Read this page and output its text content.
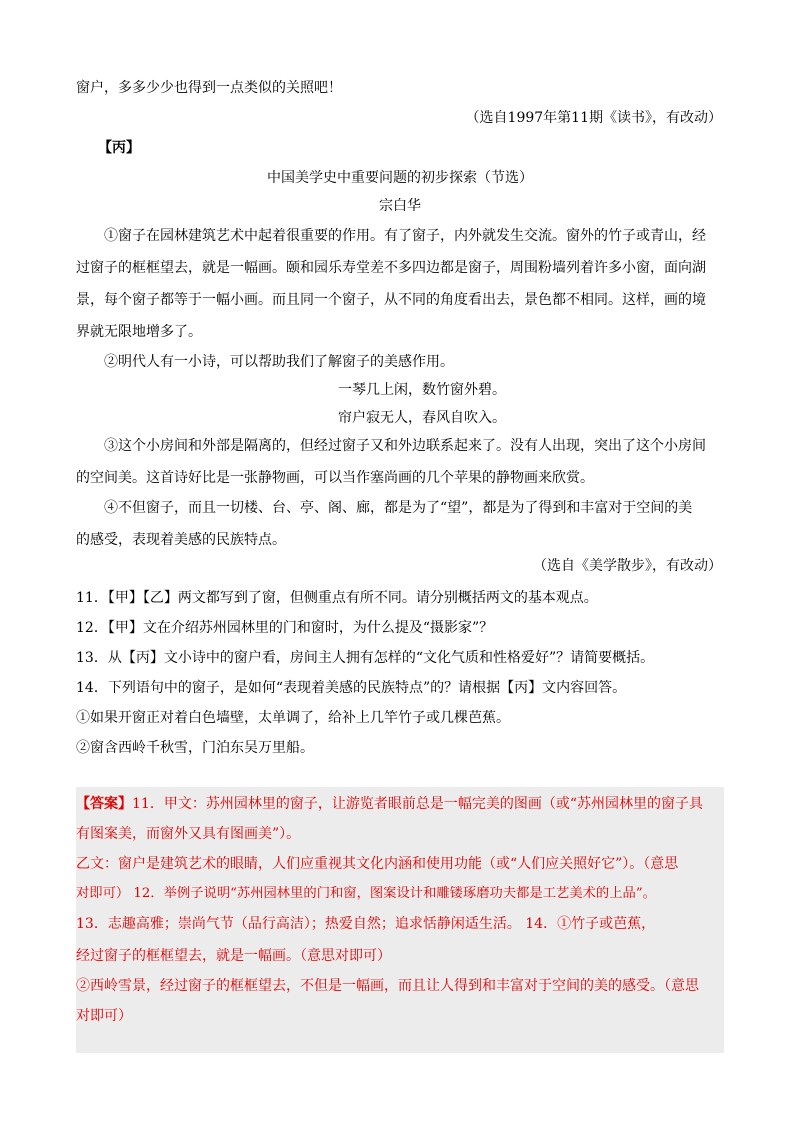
窗户，多多少少也得到一点类似的关照吧！
（选自1997年第11期《读书》，有改动）
【丙】
中国美学史中重要问题的初步探索（节选）
宗白华
①窗子在园林建筑艺术中起着很重要的作用。有了窗子，内外就发生交流。窗外的竹子或青山，经
过窗子的框框望去，就是一幅画。颐和园乐寿堂差不多四边都是窗子，周围粉墙列着许多小窗，面向湖
景，每个窗子都等于一幅小画。而且同一个窗子，从不同的角度看出去，景色都不相同。这样，画的境
界就无限地增多了。
②明代人有一小诗，可以帮助我们了解窗子的美感作用。
一琴几上闲，数竹窗外碧。
帘户寂无人，春风自吹入。
③这个小房间和外部是隔离的，但经过窗子又和外边联系起来了。没有人出现，突出了这个小房间
的空间美。这首诗好比是一张静物画，可以当作塞尚画的几个苹果的静物画来欣赏。
④不但窗子，而且一切楼、台、亭、阁、廊，都是为了“望”，都是为了得到和丰富对于空间的美
的感受，表现着美感的民族特点。
（选自《美学散步》，有改动）
11．【甲】【乙】两文都写到了窗，但侧重点有所不同。请分别概括两文的基本观点。
12．【甲】文在介绍苏州园林里的门和窗时，为什么提及“摄影家”？
13．从【丙】文小诗中的窗户看，房间主人拥有怎样的“文化气质和性格爱好”？请简要概括。
14．下列语句中的窗子，是如何“表现着美感的民族特点”的？请根据【丙】文内容回答。
①如果开窗正对着白色墙壁，太单调了，给补上几竿竹子或几棵芭蕉。
②窗含西岭千秋雪，门泊东吴万里船。
【答案】11．甲文：苏州园林里的窗子，让游览者眼前总是一幅完美的图画（或“苏州园林里的窗子具
有图案美，而窗外又具有图画美”）。
乙文：窗户是建筑艺术的眼睛，人们应重视其文化内涵和使用功能（或“人们应关照好它”）。（意思
对即可） 12．举例子说明“苏州园林里的门和窗，图案设计和雕镂琢磨功夫都是工艺美术的上品”。
13．志趣高雅；崇尚气节（品行高洁）；热爱自然；追求恬静闲适生活。 14．①竹子或芭蕉，
经过窗子的框框望去，就是一幅画。（意思对即可）
②西岭雪景，经过窗子的框框望去，不但是一幅画，而且让人得到和丰富对于空间的美的感受。（意思
对即可）
